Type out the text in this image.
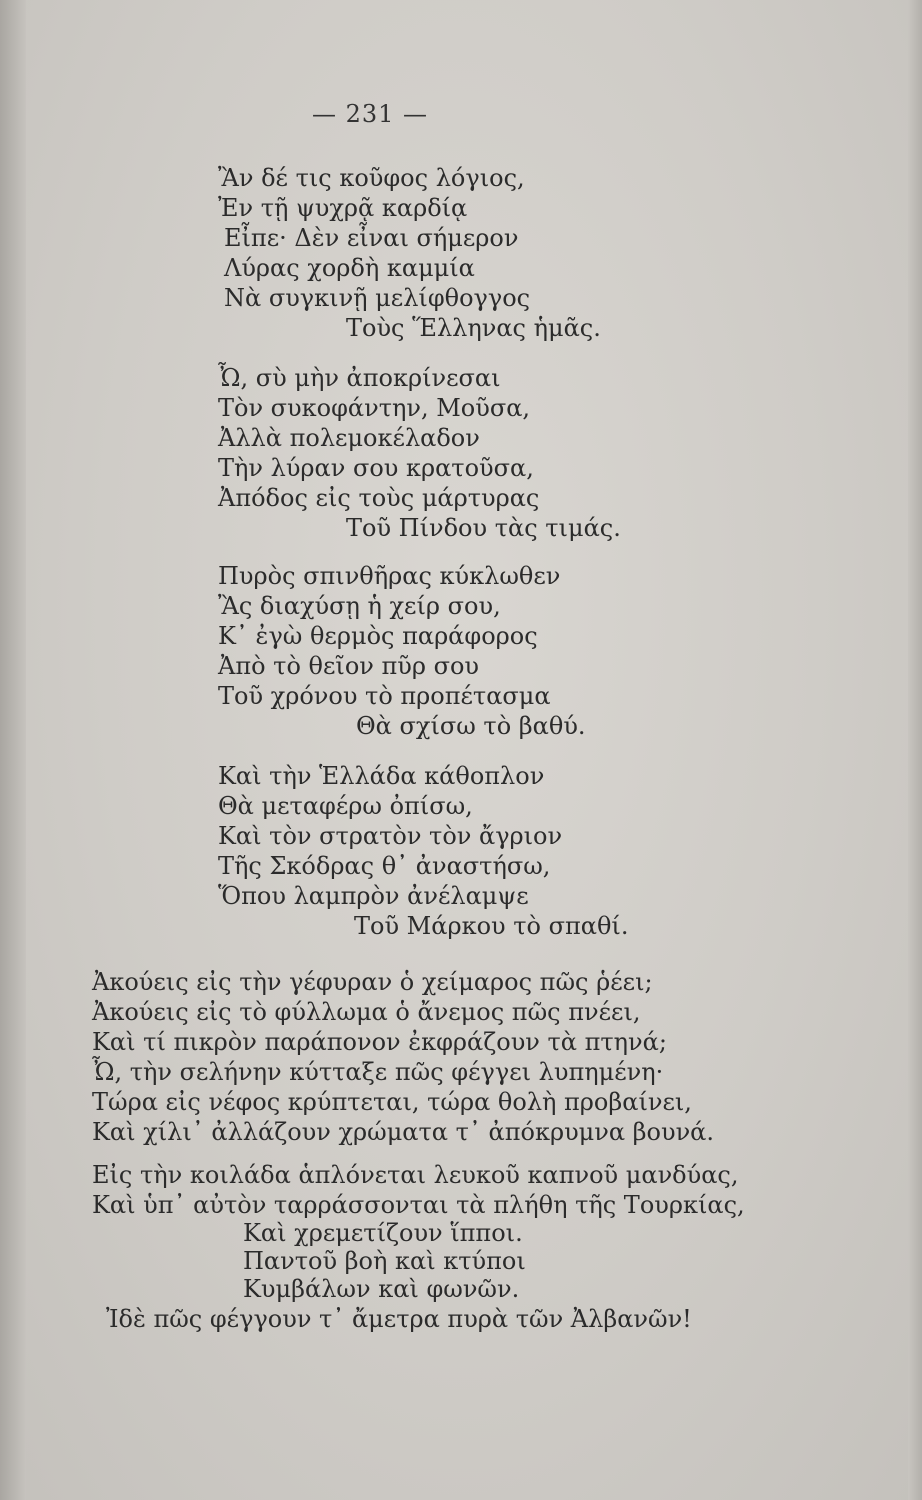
— 231 —
Ἂν δέ τις κοῦφος λόγιος,
Ἐν τῇ ψυχρᾷ καρδίᾳ
Εἶπε· Δὲν εἶναι σήμερον
Λύρας χορδὴ καμμία
Νὰ συγκινῇ μελίφθογγος
Τοὺς Ἕλληνας ἡμᾶς.
Ὦ, σὺ μὴν ἀποκρίνεσαι
Τὸν συκοφάντην, Μοῦσα,
Ἀλλὰ πολεμοκέλαδον
Τὴν λύραν σου κρατοῦσα,
Ἀπόδος εἰς τοὺς μάρτυρας
Τοῦ Πίνδου τὰς τιμάς.
Πυρὸς σπινθῆρας κύκλωθεν
Ἂς διαχύσῃ ἡ χείρ σου,
Κ᾽ ἐγὼ θερμὸς παράφορος
Ἀπὸ τὸ θεῖον πῦρ σου
Τοῦ χρόνου τὸ προπέτασμα
Θὰ σχίσω τὸ βαθύ.
Καὶ τὴν Ἑλλάδα κάθοπλον
Θὰ μεταφέρω ὀπίσω,
Καὶ τὸν στρατὸν τὸν ἄγριον
Τῆς Σκόδρας θ᾽ ἀναστήσω,
Ὅπου λαμπρὸν ἀνέλαμψε
Τοῦ Μάρκου τὸ σπαθί.
Ἀκούεις εἰς τὴν γέφυραν ὁ χείμαρος πῶς ῥέει;
Ἀκούεις εἰς τὸ φύλλωμα ὁ ἄνεμος πῶς πνέει,
Καὶ τί πικρὸν παράπονον ἐκφράζουν τὰ πτηνά;
Ὦ, τὴν σελήνην κύτταξε πῶς φέγγει λυπημένη·
Τώρα εἰς νέφος κρύπτεται, τώρα θολὴ προβαίνει,
Καὶ χίλι᾽ ἀλλάζουν χρώματα τ᾽ ἀπόκρυμνα βουνά.
Εἰς τὴν κοιλάδα ἁπλόνεται λευκοῦ καπνοῦ μανδύας,
Καὶ ὑπ᾽ αὐτὸν ταρράσσονται τὰ πλήθη τῆς Τουρκίας,
Καὶ χρεμετίζουν ἵπποι.
Παντοῦ βοὴ καὶ κτύποι
Κυμβάλων καὶ φωνῶν.
Ἰδὲ πῶς φέγγουν τ᾽ ἄμετρα πυρὰ τῶν Ἀλβανῶν!
